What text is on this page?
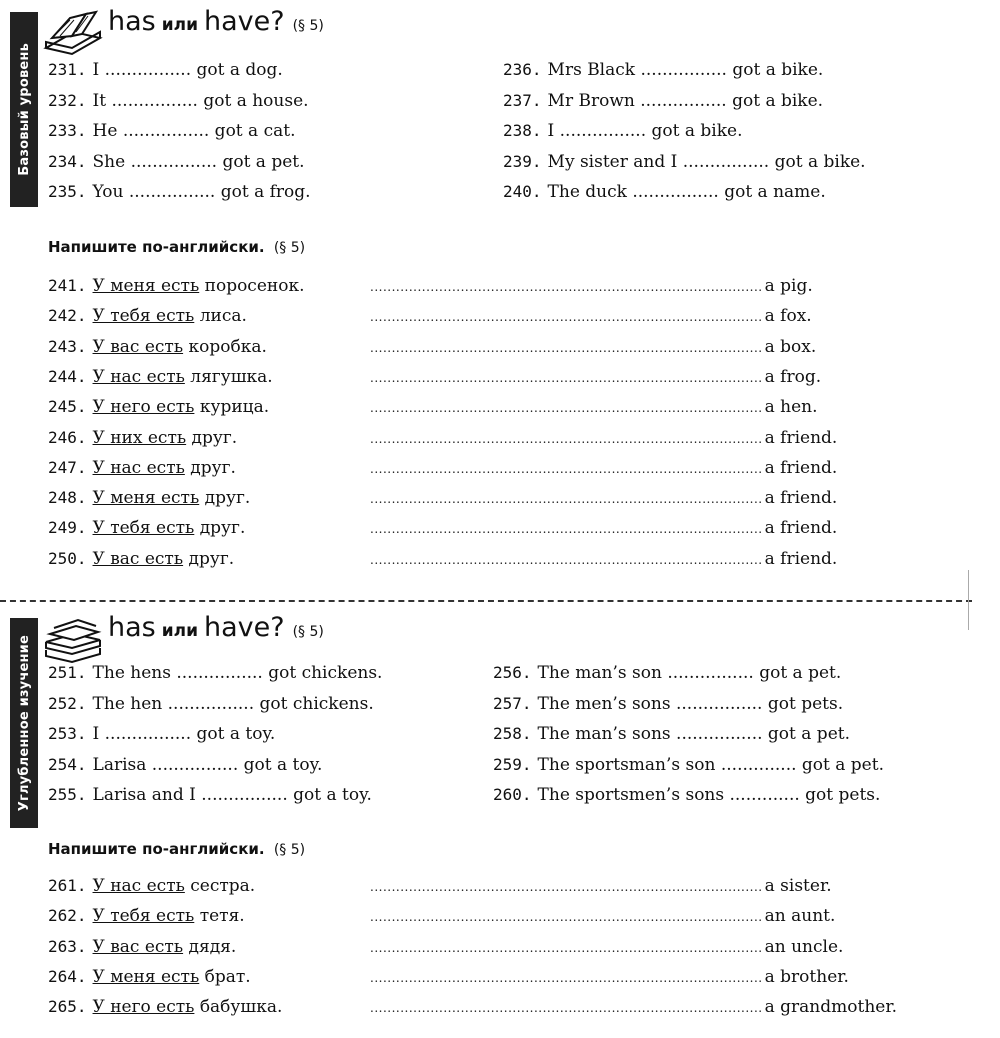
Базовый уровень
has или have? (§ 5)
231. I ................ got a dog.
232. It ................ got a house.
233. He ................ got a cat.
234. She ................ got a pet.
235. You ................ got a frog.
236. Mrs Black ................ got a bike.
237. Mr Brown ................ got a bike.
238. I ................ got a bike.
239. My sister and I ................ got a bike.
240. The duck ................ got a name.
Напишите по-английски. (§ 5)
241. У меня есть поросенок.	........................................................................................... a pig.
242. У тебя есть лиса.	........................................................................................... a fox.
243. У вас есть коробка.	........................................................................................... a box.
244. У нас есть лягушка.	........................................................................................... a frog.
245. У него есть курица.	........................................................................................... a hen.
246. У них есть друг.	........................................................................................... a friend.
247. У нас есть друг.	........................................................................................... a friend.
248. У меня есть друг.	........................................................................................... a friend.
249. У тебя есть друг.	........................................................................................... a friend.
250. У вас есть друг.	........................................................................................... a friend.
Углубленное изучение
has или have? (§ 5)
251. The hens ................ got chickens.
252. The hen ................ got chickens.
253. I ................ got a toy.
254. Larisa ................ got a toy.
255. Larisa and I ................ got a toy.
256. The man’s son ................ got a pet.
257. The men’s sons ................ got pets.
258. The man’s sons ................ got a pet.
259. The sportsman’s son .............. got a pet.
260. The sportsmen’s sons ............. got pets.
Напишите по-английски. (§ 5)
261. У нас есть сестра.	........................................................................................... a sister.
262. У тебя есть тетя.	........................................................................................... an aunt.
263. У вас есть дядя.	........................................................................................... an uncle.
264. У меня есть брат.	........................................................................................... a brother.
265. У него есть бабушка.	........................................................................................... a grandmother.
